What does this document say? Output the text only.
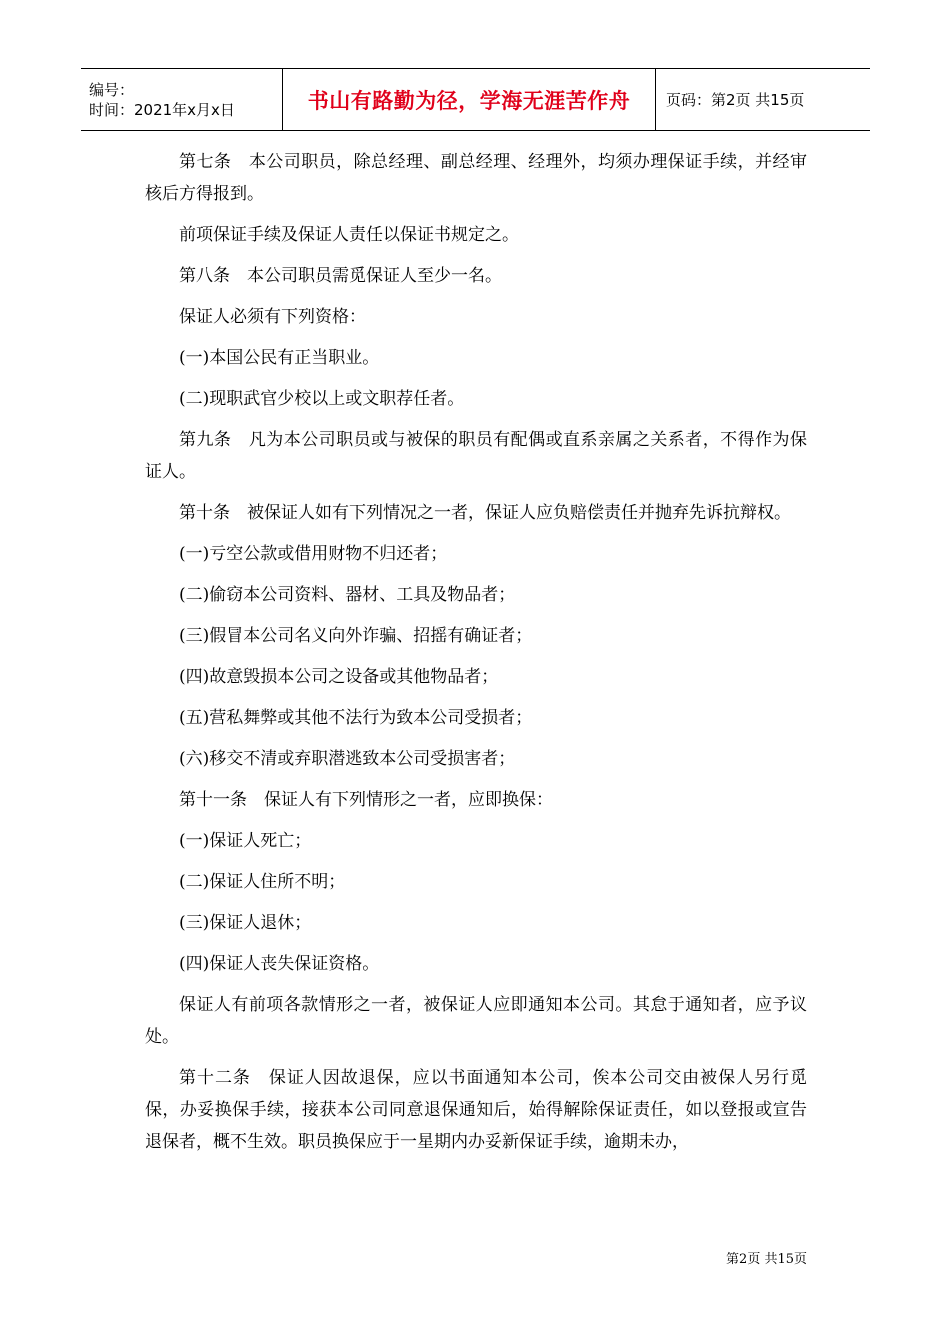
编号：
时间：2021年x月x日	书山有路勤为径，学海无涯苦作舟 页码：第2页 共15页

第七条　本公司职员，除总经理、副总经理、经理外，均须办理保证手续，并经审核后方得报到。

前项保证手续及保证人责任以保证书规定之。

第八条　本公司职员需觅保证人至少一名。

保证人必须有下列资格：

(一)本国公民有正当职业。

(二)现职武官少校以上或文职荐任者。

第九条　凡为本公司职员或与被保的职员有配偶或直系亲属之关系者，不得作为保证人。

第十条　被保证人如有下列情况之一者，保证人应负赔偿责任并抛弃先诉抗辩权。

(一)亏空公款或借用财物不归还者；

(二)偷窃本公司资料、器材、工具及物品者；

(三)假冒本公司名义向外诈骗、招摇有确证者；

(四)故意毁损本公司之设备或其他物品者；

(五)营私舞弊或其他不法行为致本公司受损者；

(六)移交不清或弃职潜逃致本公司受损害者；

第十一条　保证人有下列情形之一者，应即换保：

(一)保证人死亡；

(二)保证人住所不明；

(三)保证人退休；

(四)保证人丧失保证资格。

保证人有前项各款情形之一者，被保证人应即通知本公司。其怠于通知者，应予议处。

第十二条　保证人因故退保，应以书面通知本公司，俟本公司交由被保人另行觅保，办妥换保手续，接获本公司同意退保通知后，始得解除保证责任，如以登报或宣告退保者，概不生效。职员换保应于一星期内办妥新保证手续，逾期未办，

第2页 共15页
